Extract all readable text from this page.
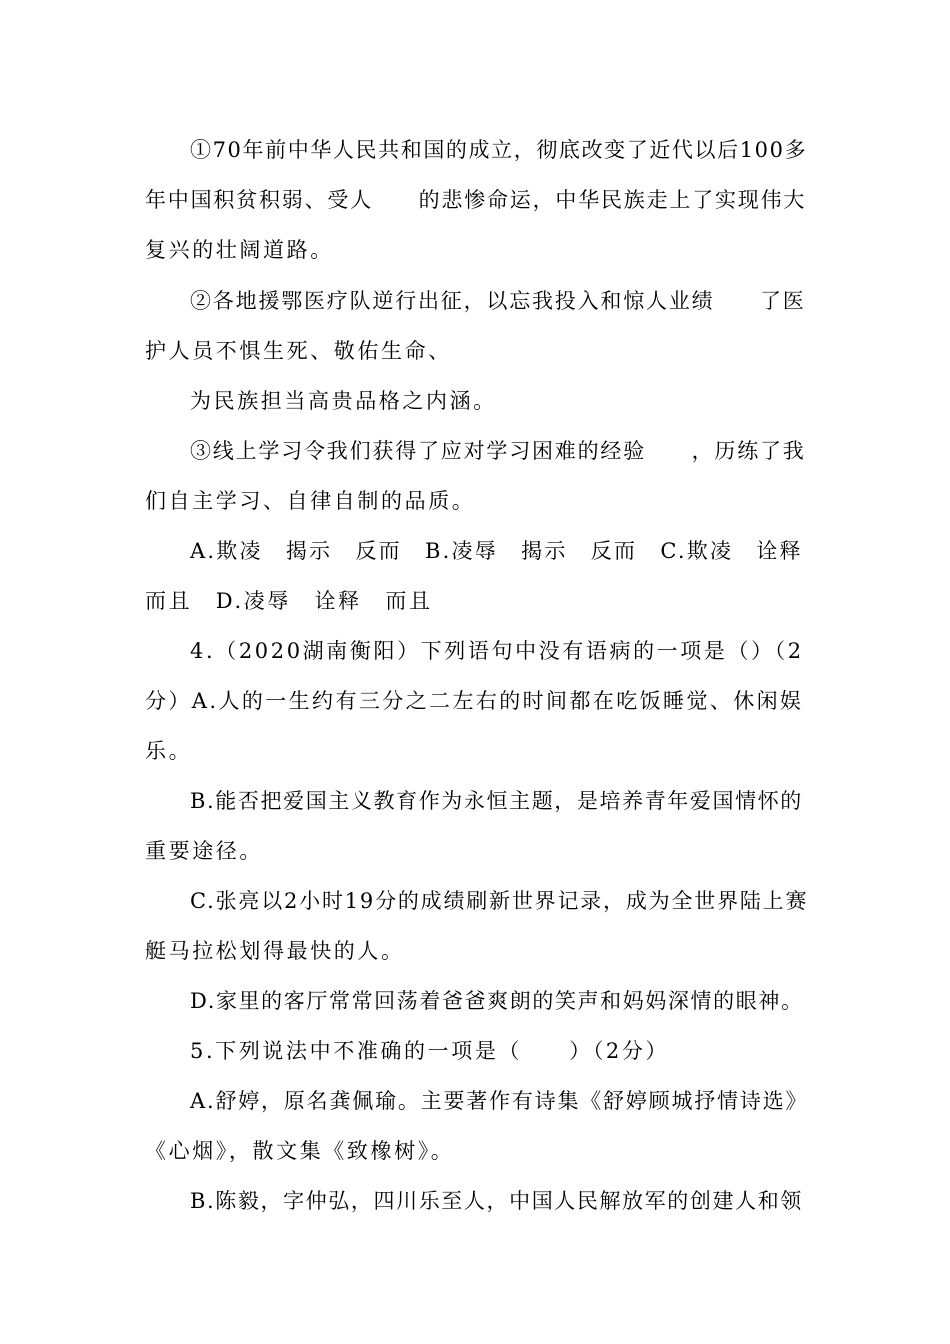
①70年前中华人民共和国的成立，彻底改变了近代以后100多
年中国积贫积弱、受人　　的悲惨命运，中华民族走上了实现伟大
复兴的壮阔道路。
②各地援鄂医疗队逆行出征，以忘我投入和惊人业绩　　了医
护人员不惧生死、敬佑生命、
为民族担当高贵品格之内涵。
③线上学习令我们获得了应对学习困难的经验　　，历练了我
们自主学习、自律自制的品质。
A.欺凌　揭示　反而　B.凌辱　揭示　反而　C.欺凌　诠释
而且　D.凌辱　诠释　而且
4.（2020湖南衡阳）下列语句中没有语病的一项是（）（2
分）A.人的一生约有三分之二左右的时间都在吃饭睡觉、休闲娱
乐。
B.能否把爱国主义教育作为永恒主题，是培养青年爱国情怀的
重要途径。
C.张亮以2小时19分的成绩刷新世界记录，成为全世界陆上赛
艇马拉松划得最快的人。
D.家里的客厅常常回荡着爸爸爽朗的笑声和妈妈深情的眼神。
5.下列说法中不准确的一项是（　　）（2分）
A.舒婷，原名龚佩瑜。主要著作有诗集《舒婷顾城抒情诗选》
《心烟》，散文集《致橡树》。
B.陈毅，字仲弘，四川乐至人，中国人民解放军的创建人和领
